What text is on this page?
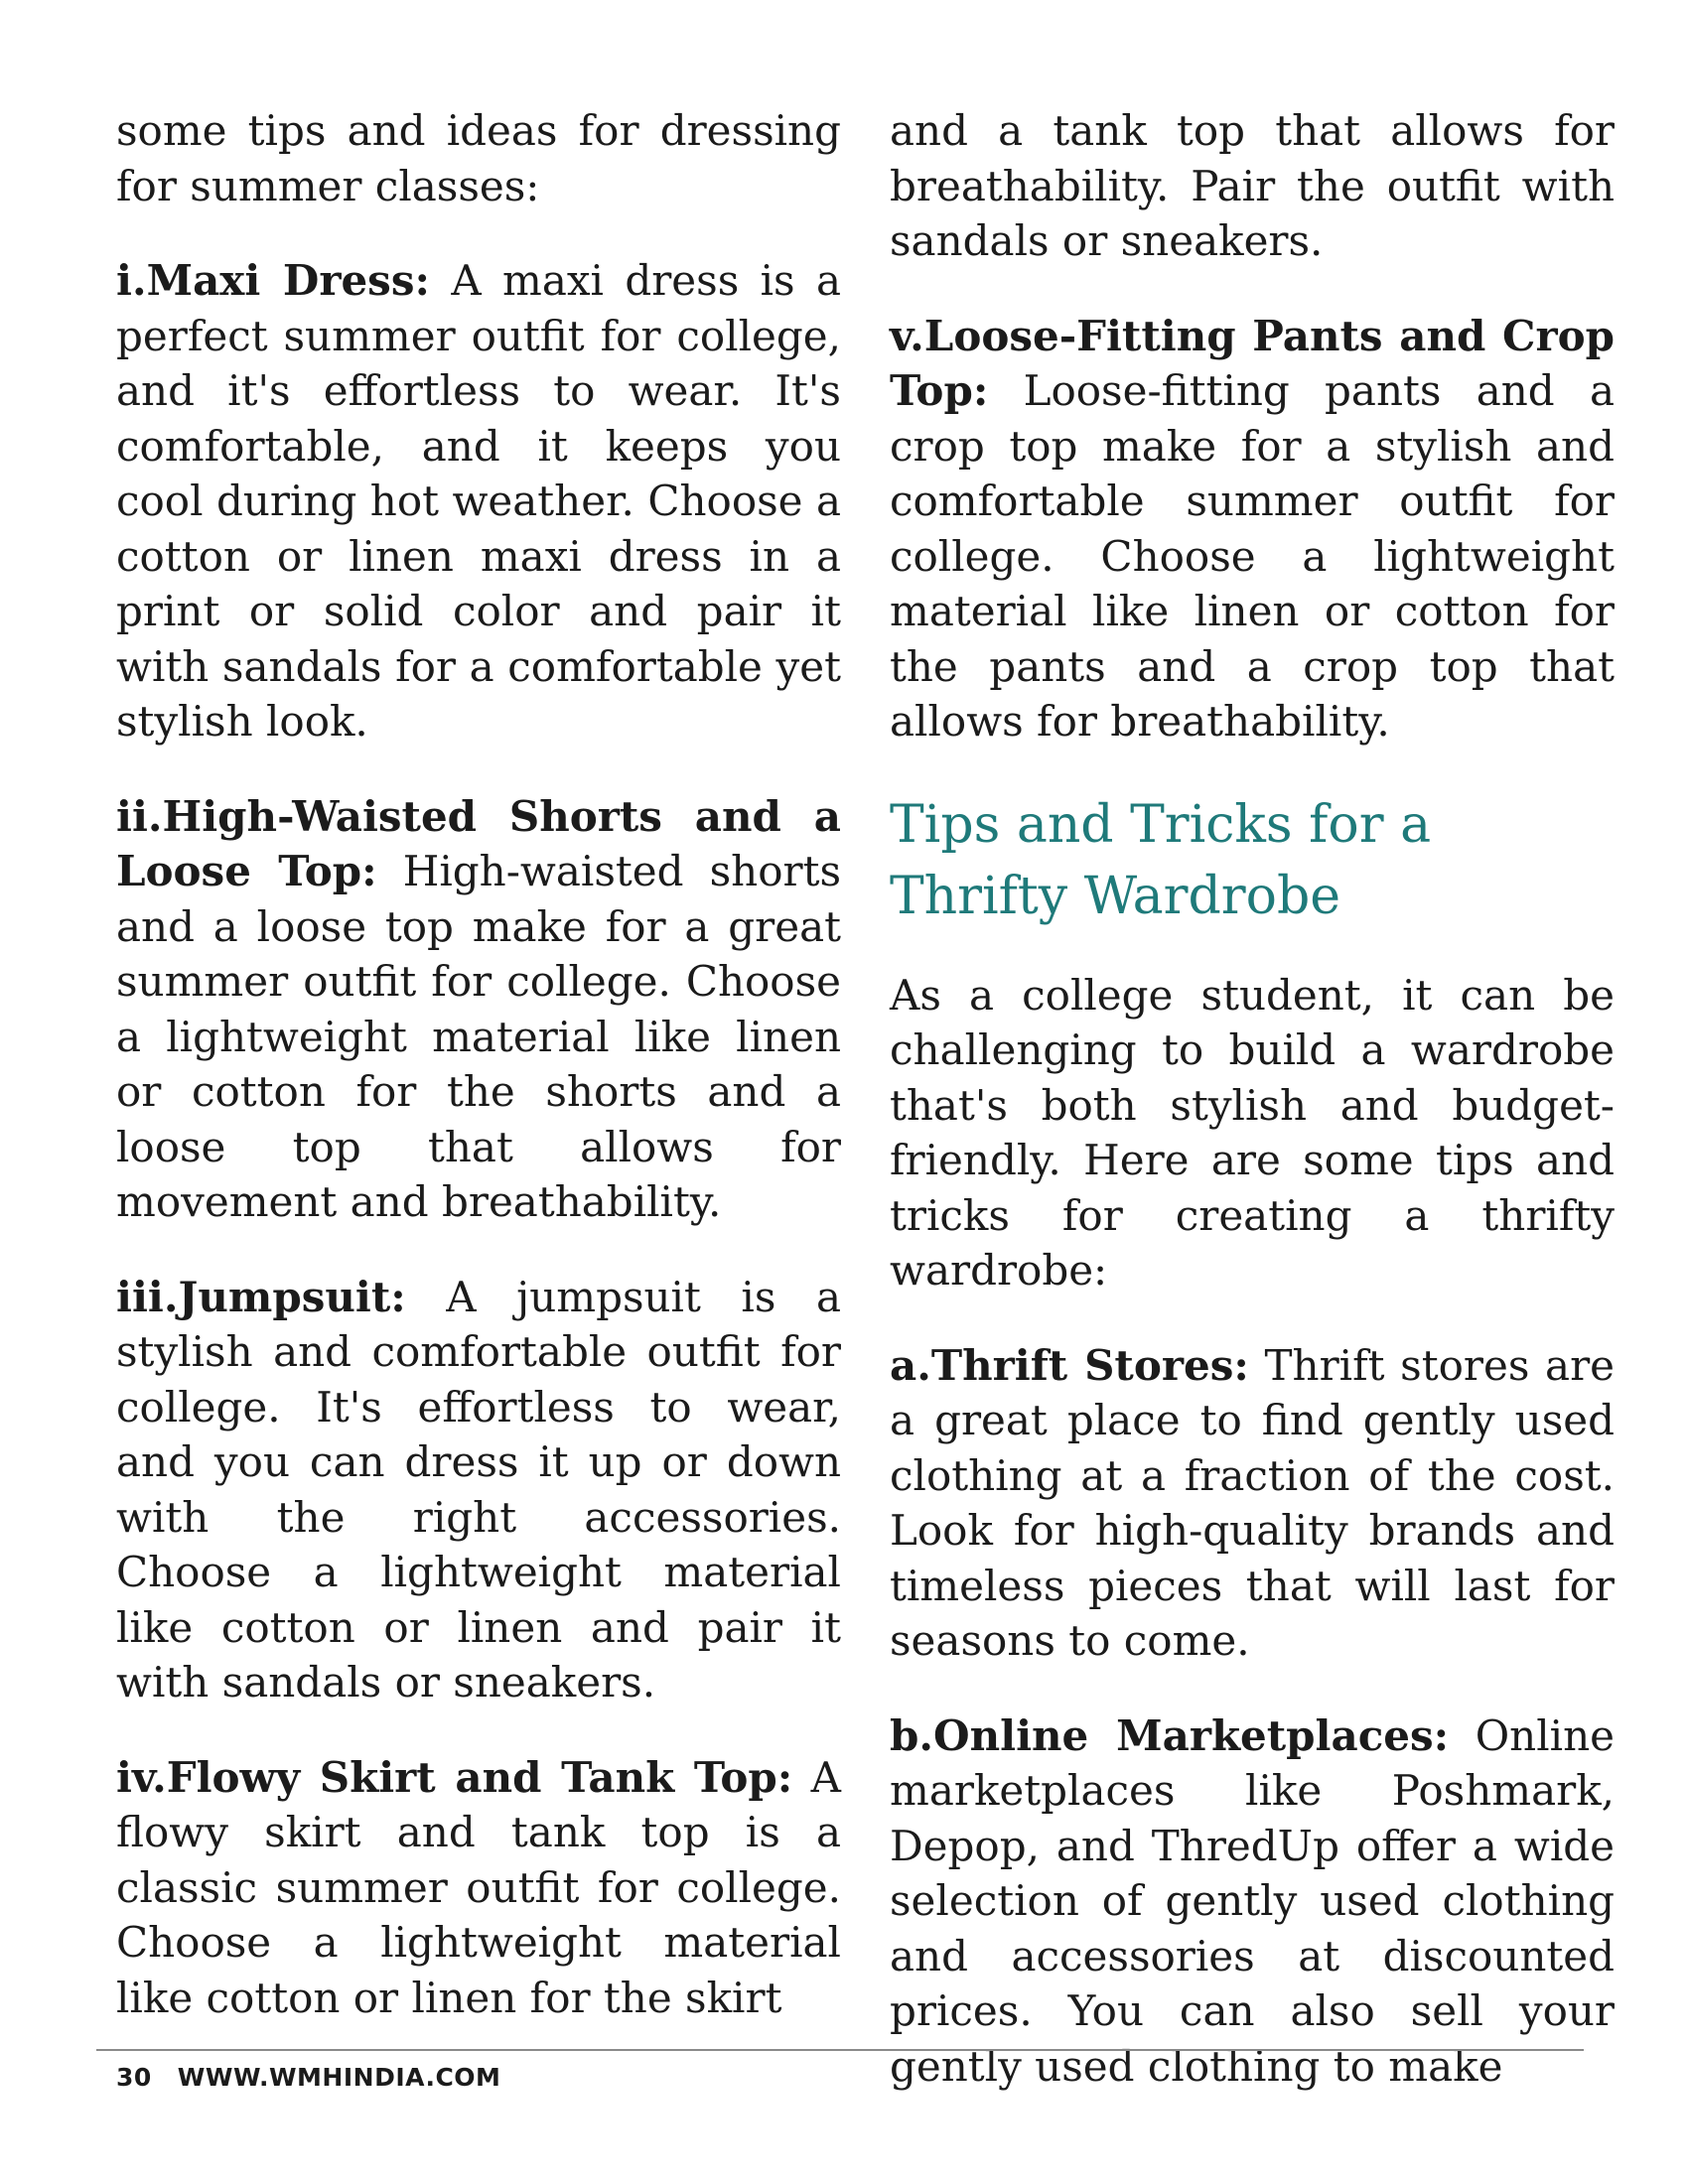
some tips and ideas for dressing for summer classes:

i.Maxi Dress: A maxi dress is a perfect summer outfit for college, and it's effortless to wear. It's comfortable, and it keeps you cool during hot weather. Choose a cotton or linen maxi dress in a print or solid color and pair it with sandals for a comfortable yet stylish look.

ii.High-Waisted Shorts and a Loose Top: High-waisted shorts and a loose top make for a great summer outfit for college. Choose a lightweight material like linen or cotton for the shorts and a loose top that allows for movement and breathability.

iii.Jumpsuit: A jumpsuit is a stylish and comfortable outfit for college. It's effortless to wear, and you can dress it up or down with the right accessories. Choose a lightweight material like cotton or linen and pair it with sandals or sneakers.

iv.Flowy Skirt and Tank Top: A flowy skirt and tank top is a classic summer outfit for college. Choose a lightweight material like cotton or linen for the skirt

and a tank top that allows for breathability. Pair the outfit with sandals or sneakers.

v.Loose-Fitting Pants and Crop Top: Loose-fitting pants and a crop top make for a stylish and comfortable summer outfit for college. Choose a lightweight material like linen or cotton for the pants and a crop top that allows for breathability.

Tips and Tricks for a Thrifty Wardrobe

As a college student, it can be challenging to build a wardrobe that's both stylish and budget-friendly. Here are some tips and tricks for creating a thrifty wardrobe:

a.Thrift Stores: Thrift stores are a great place to find gently used clothing at a fraction of the cost. Look for high-quality brands and timeless pieces that will last for seasons to come.

b.Online Marketplaces: Online marketplaces like Poshmark, Depop, and ThredUp offer a wide selection of gently used clothing and accessories at discounted prices. You can also sell your gently used clothing to make

30 WWW.WMHINDIA.COM
